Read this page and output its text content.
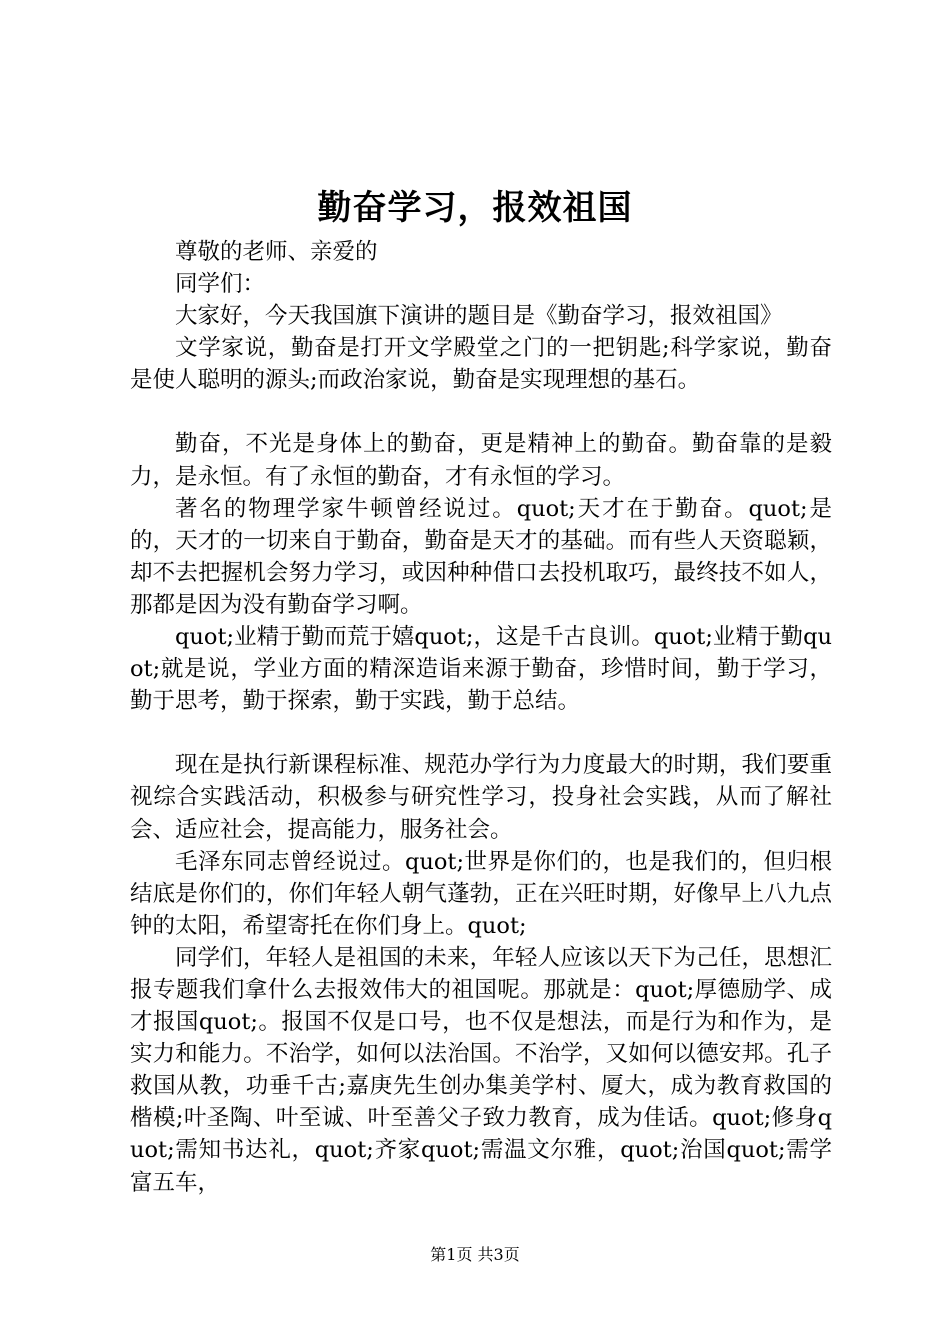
勤奋学习，报效祖国

尊敬的老师、亲爱的

同学们：

大家好，今天我国旗下演讲的题目是《勤奋学习，报效祖国》

文学家说，勤奋是打开文学殿堂之门的一把钥匙;科学家说，勤奋是使人聪明的源头;而政治家说，勤奋是实现理想的基石。

勤奋，不光是身体上的勤奋，更是精神上的勤奋。勤奋靠的是毅力，是永恒。有了永恒的勤奋，才有永恒的学习。

著名的物理学家牛顿曾经说过。quot;天才在于勤奋。quot;是的，天才的一切来自于勤奋，勤奋是天才的基础。而有些人天资聪颖，却不去把握机会努力学习，或因种种借口去投机取巧，最终技不如人，那都是因为没有勤奋学习啊。

quot;业精于勤而荒于嬉quot;，这是千古良训。quot;业精于勤quot;就是说，学业方面的精深造诣来源于勤奋，珍惜时间，勤于学习，勤于思考，勤于探索，勤于实践，勤于总结。

现在是执行新课程标准、规范办学行为力度最大的时期，我们要重视综合实践活动，积极参与研究性学习，投身社会实践，从而了解社会、适应社会，提高能力，服务社会。

毛泽东同志曾经说过。quot;世界是你们的，也是我们的，但归根结底是你们的，你们年轻人朝气蓬勃，正在兴旺时期，好像早上八九点钟的太阳，希望寄托在你们身上。quot;

同学们，年轻人是祖国的未来，年轻人应该以天下为己任，思想汇报专题我们拿什么去报效伟大的祖国呢。那就是：quot;厚德励学、成才报国quot;。报国不仅是口号，也不仅是想法，而是行为和作为，是实力和能力。不治学，如何以法治国。不治学，又如何以德安邦。孔子救国从教，功垂千古;嘉庚先生创办集美学村、厦大，成为教育救国的楷模;叶圣陶、叶至诚、叶至善父子致力教育，成为佳话。quot;修身quot;需知书达礼，quot;齐家quot;需温文尔雅，quot;治国quot;需学富五车，

第1页 共3页
